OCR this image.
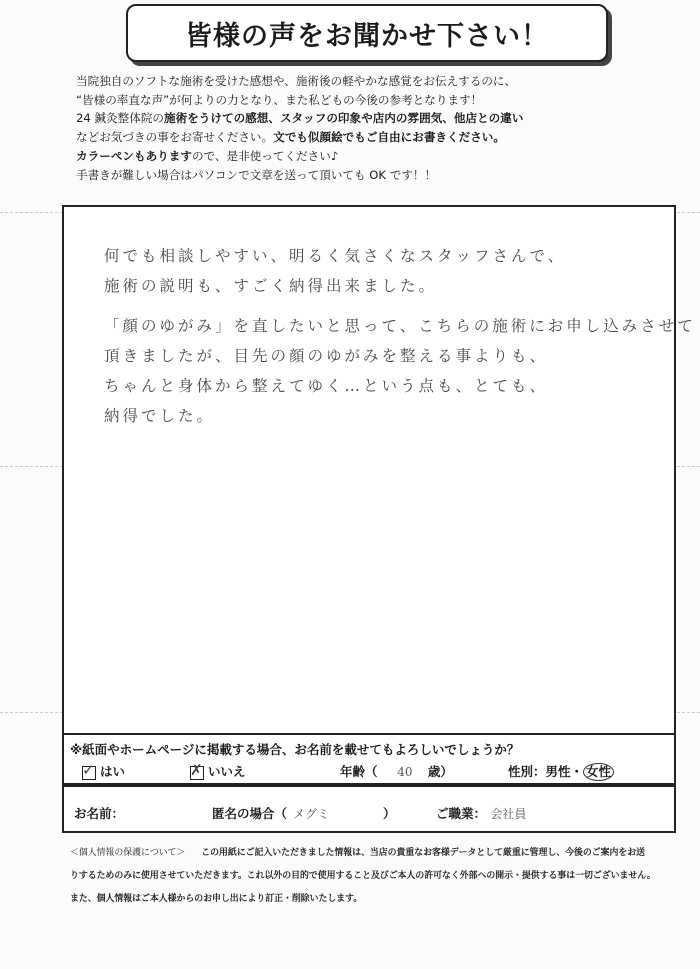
皆様の声をお聞かせ下さい！
当院独自のソフトな施術を受けた感想や、施術後の軽やかな感覚をお伝えするのに、
“皆様の率直な声”が何よりの力となり、また私どもの今後の参考となります！
24 鍼灸整体院の施術をうけての感想、スタッフの印象や店内の雰囲気、他店との違い
などお気づきの事をお寄せください。文でも似顔絵でもご自由にお書きください。
カラーペンもありますので、是非使ってください♪
手書きが難しい場合はパソコンで文章を送って頂いても OK です！！
何でも相談しやすい、明るく気さくなスタッフさんで、
施術の説明も、すごく納得出来ました。
「顔のゆがみ」を直したいと思って、こちらの施術にお申し込みさせて
頂きましたが、目先の顔のゆがみを整える事よりも、
ちゃんと身体から整えてゆく…という点も、とても、
納得でした。
※紙面やホームページに掲載する場合、お名前を載せてもよろしいでしょうか？
✓ はい	✗ いいえ	年齢（ 40 歳）	性別：男性・ 女性
お名前：	匿名の場合（ メグミ	）	ご職業： 会社員
＜個人情報の保護について＞ この用紙にご記入いただきました情報は、当店の貴重なお客様データとして厳重に管理し、今後のご案内をお送
りするためのみに使用させていただきます。これ以外の目的で使用すること及びご本人の許可なく外部への開示・提供する事は一切ございません。
また、個人情報はご本人様からのお申し出により訂正・削除いたします。
